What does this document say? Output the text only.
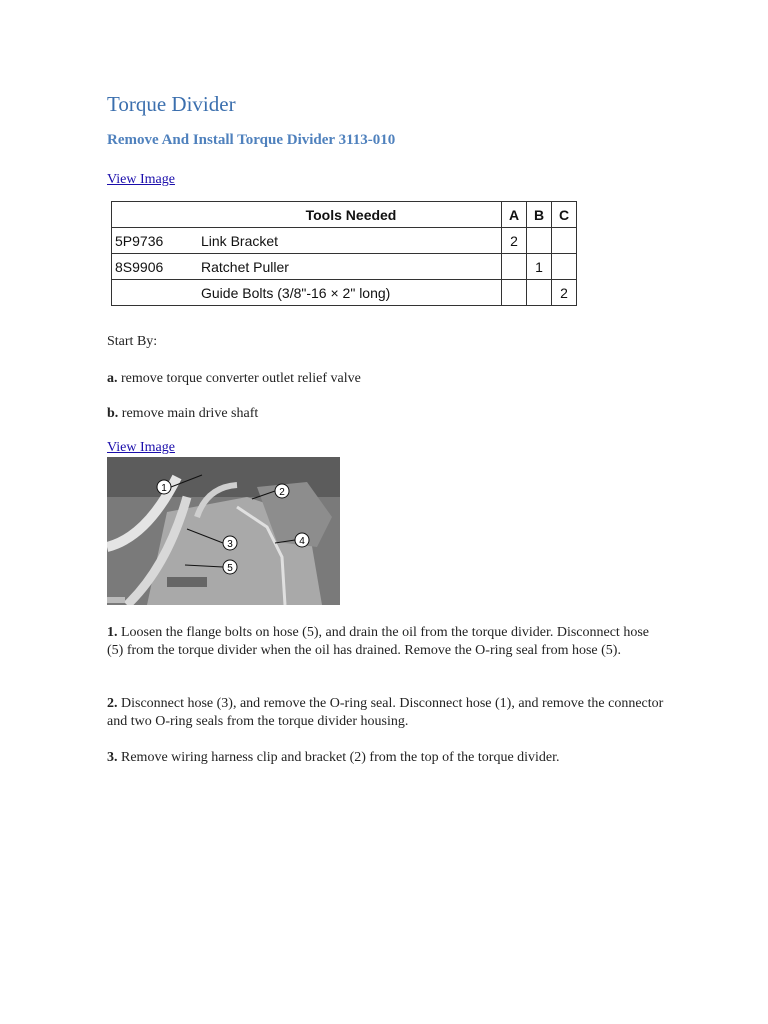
Torque Divider
Remove And Install Torque Divider 3113-010
View Image
	Tools Needed	A	B	C
5P9736	Link Bracket	2		
8S9906	Ratchet Puller		1	
	Guide Bolts (3/8"-16 × 2" long)			2

Start By:

a. remove torque converter outlet relief valve

b. remove main drive shaft

View Image
1	2
3	4
5

1. Loosen the flange bolts on hose (5), and drain the oil from the torque divider. Disconnect hose (5) from the torque divider when the oil has drained. Remove the O-ring seal from hose (5).

2. Disconnect hose (3), and remove the O-ring seal. Disconnect hose (1), and remove the connector and two O-ring seals from the torque divider housing.

3. Remove wiring harness clip and bracket (2) from the top of the torque divider.
